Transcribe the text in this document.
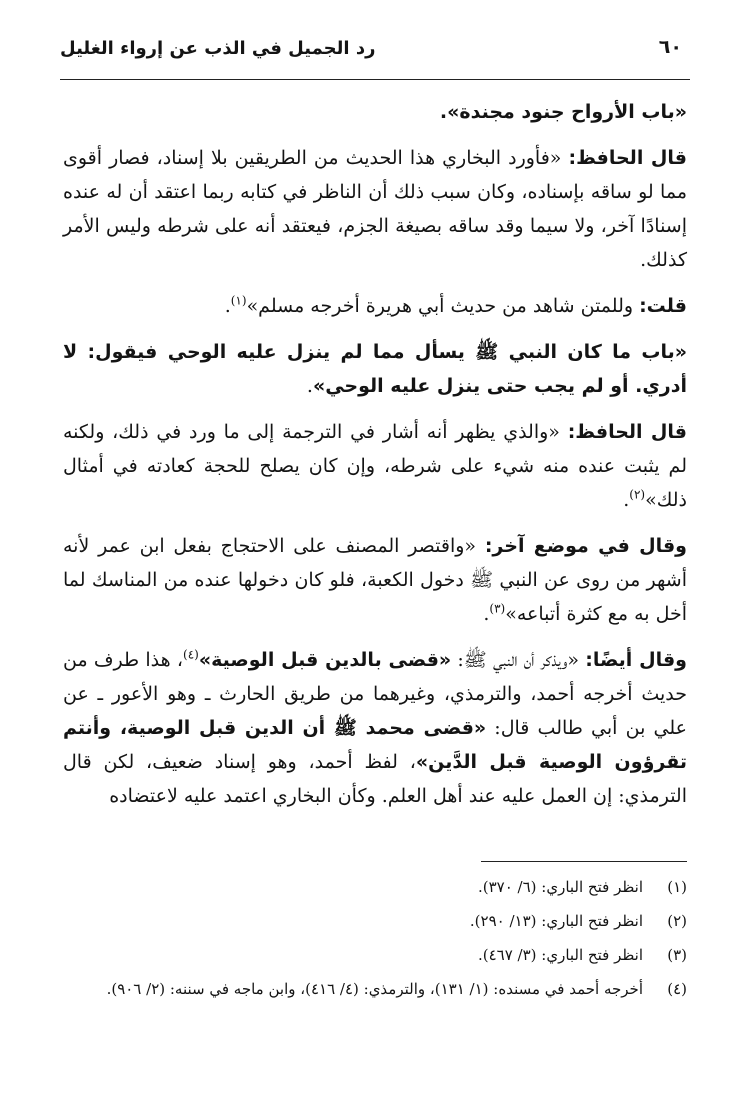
٦٠
رد الجميل في الذب عن إرواء الغليل

«باب الأرواح جنود مجندة».

قال الحافظ: «فأورد البخاري هذا الحديث من الطريقين بلا إسناد، فصار أقوى مما لو ساقه بإسناده، وكان سبب ذلك أن الناظر في كتابه ربما اعتقد أن له عنده إسنادًا آخر، ولا سيما وقد ساقه بصيغة الجزم، فيعتقد أنه على شرطه وليس الأمر كذلك.

قلت: وللمتن شاهد من حديث أبي هريرة أخرجه مسلم»$^{(١)}$.

«باب ما كان النبي ﷺ يسأل مما لم ينزل عليه الوحي فيقول: لا أدري. أو لم يجب حتى ينزل عليه الوحي».

قال الحافظ: «والذي يظهر أنه أشار في الترجمة إلى ما ورد في ذلك، ولكنه لم يثبت عنده منه شيء على شرطه، وإن كان يصلح للحجة كعادته في أمثال ذلك»$^{(٢)}$.

وقال في موضع آخر: «واقتصر المصنف على الاحتجاج بفعل ابن عمر لأنه أشهر من روى عن النبي ﷺ دخول الكعبة، فلو كان دخولها عنده من المناسك لما أخل به مع كثرة أتباعه»$^{(٣)}$.

وقال أيضًا: «ويذكر أن النبي ﷺ: «قضى بالدين قبل الوصية»$^{(٤)}$، هذا طرف من حديث أخرجه أحمد، والترمذي، وغيرهما من طريق الحارث ـ وهو الأعور ـ عن علي بن أبي طالب قال: «قضى محمد ﷺ أن الدين قبل الوصية، وأنتم تقرؤون الوصية قبل الدَّين»، لفظ أحمد، وهو إسناد ضعيف، لكن قال الترمذي: إن العمل عليه عند أهل العلم. وكأن البخاري اعتمد عليه لاعتضاده

(١)
انظر فتح الباري: (٦/ ٣٧٠).
(٢)
انظر فتح الباري: (١٣/ ٢٩٠).
(٣)
انظر فتح الباري: (٣/ ٤٦٧).
(٤)
أخرجه أحمد في مسنده: (١/ ١٣١)، والترمذي: (٤/ ٤١٦)، وابن ماجه في سننه: (٢/ ٩٠٦).
